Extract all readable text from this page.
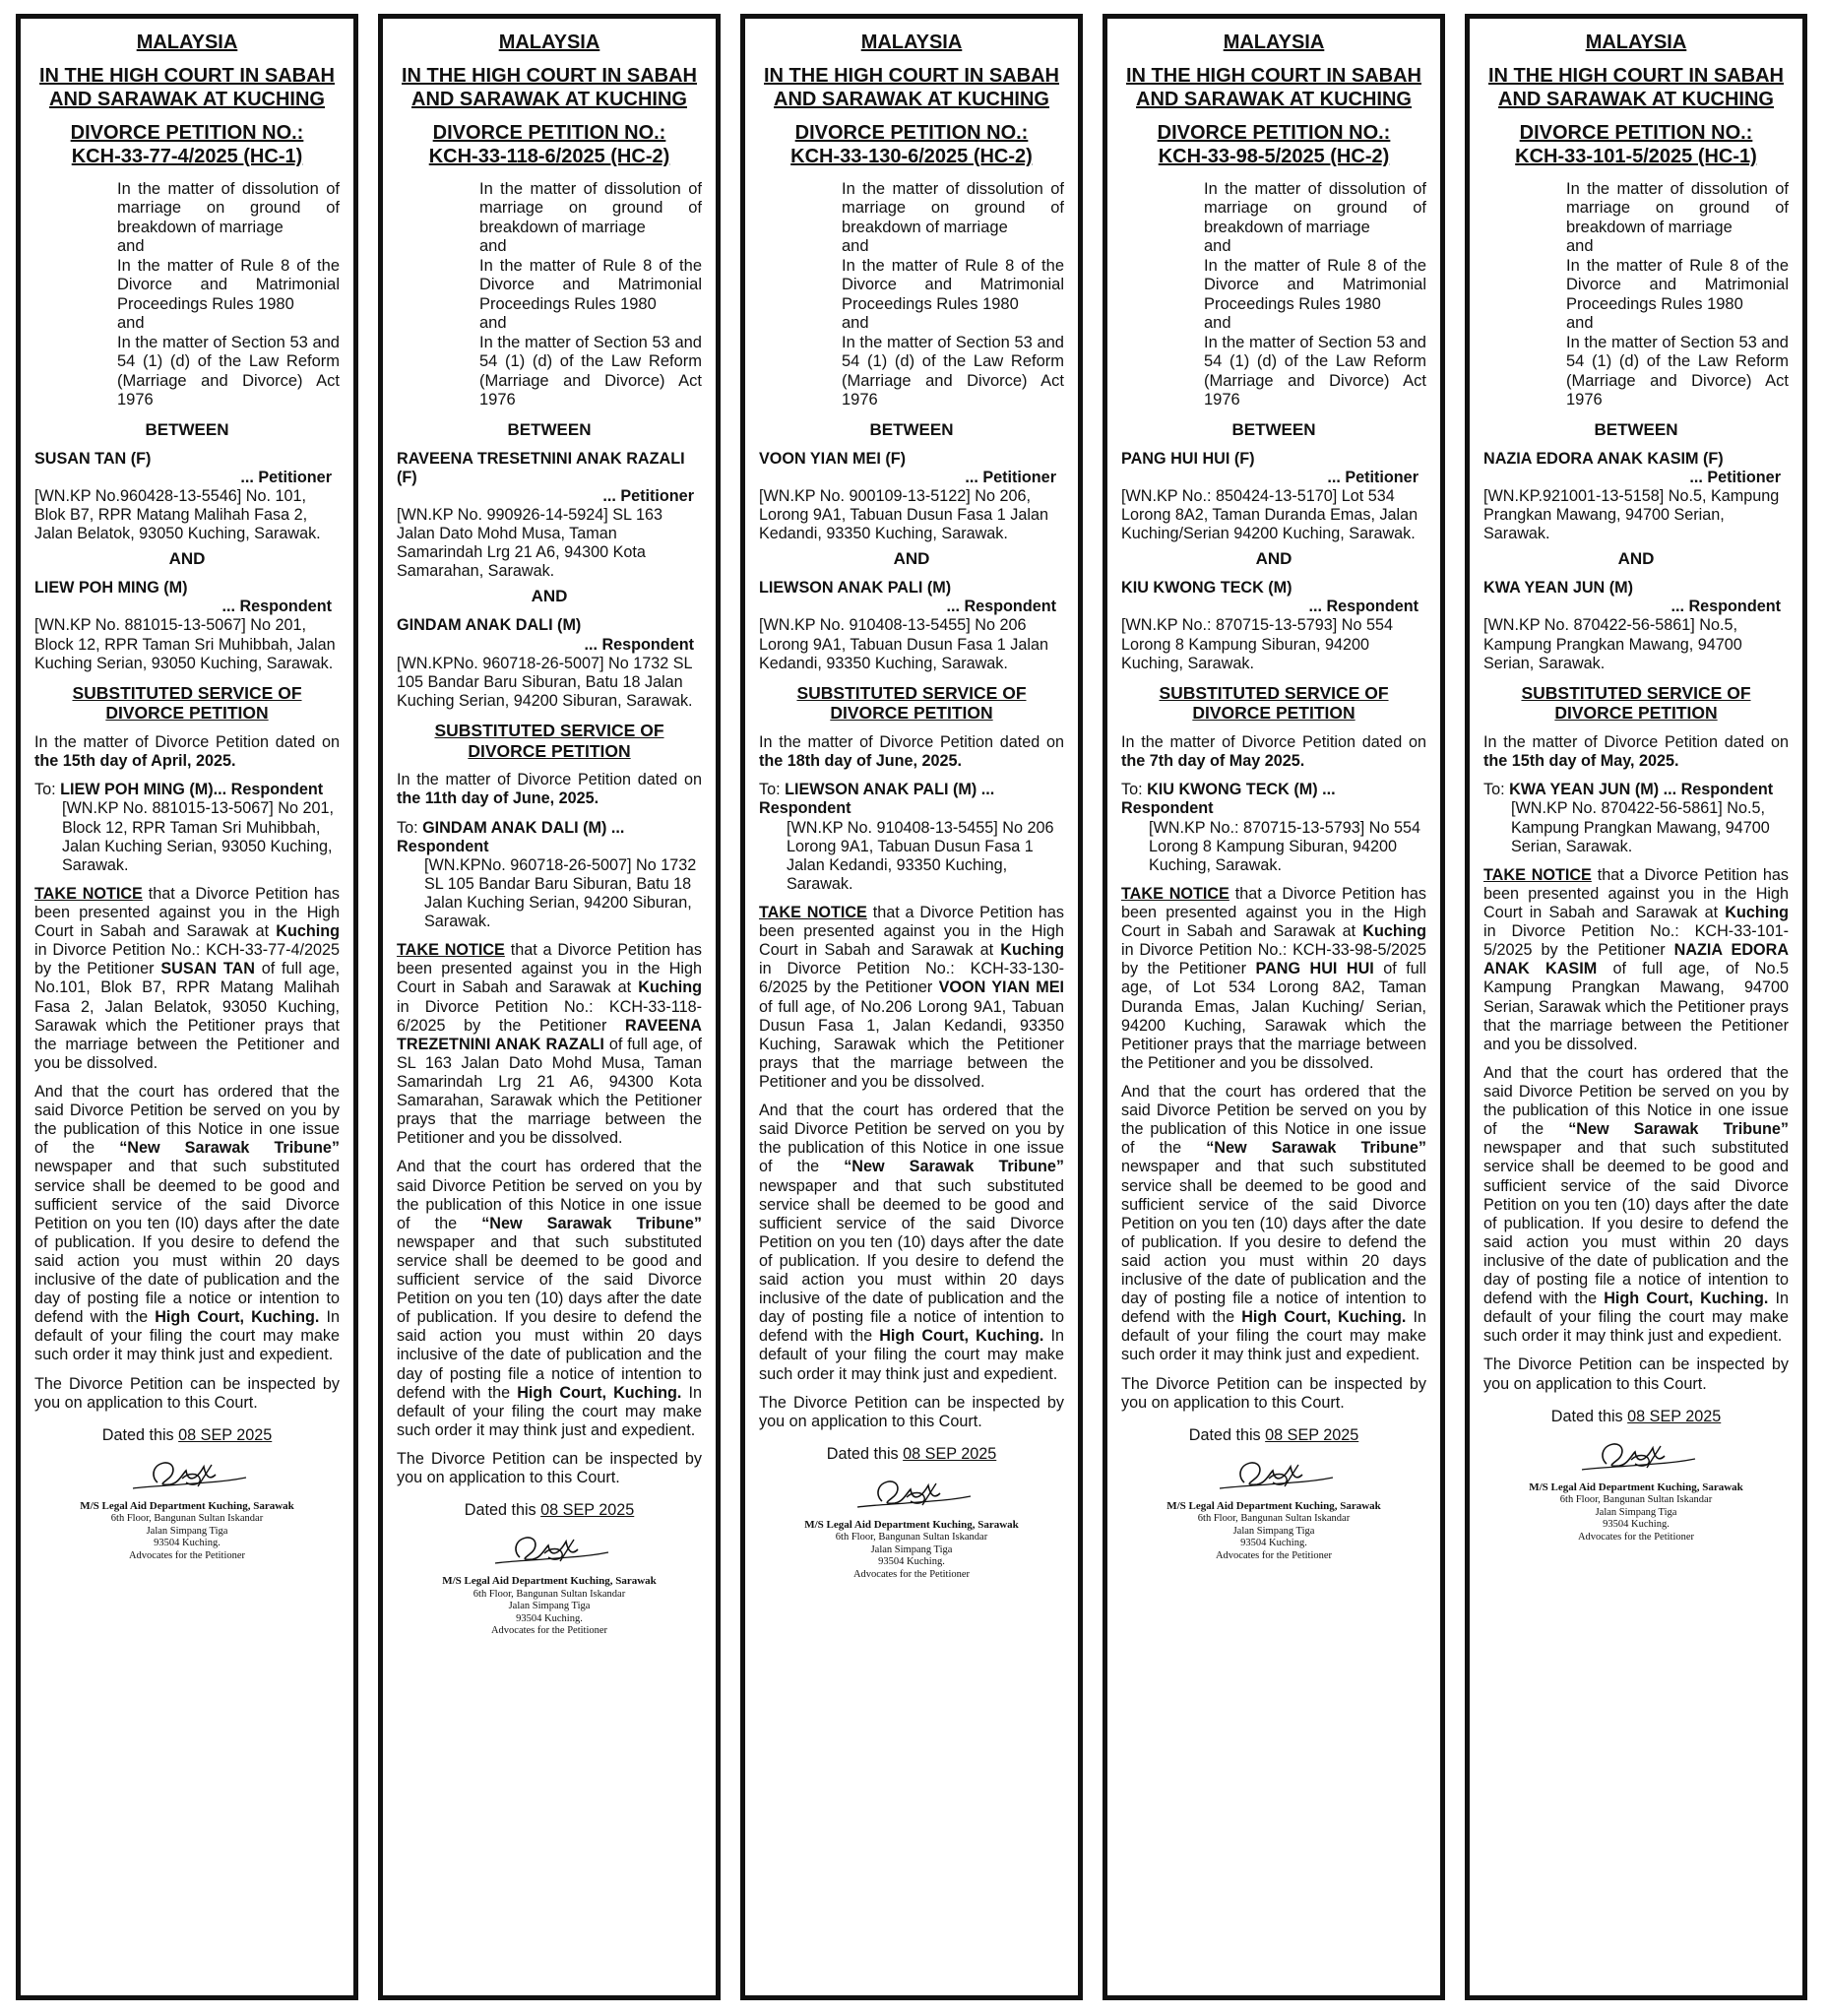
MALAYSIA
IN THE HIGH COURT IN SABAH AND SARAWAK AT KUCHING
DIVORCE PETITION NO.:
KCH-33-77-4/2025 (HC-1)
In the matter of dissolution of marriage on ground of breakdown of marriage
and
In the matter of Rule 8 of the Divorce and Matrimonial Proceedings Rules 1980
and
In the matter of Section 53 and 54 (1) (d) of the Law Reform (Marriage and Divorce) Act 1976
BETWEEN
SUSAN TAN (F)
... Petitioner
[WN.KP No.960428-13-5546] No. 101, Blok B7, RPR Matang Malihah Fasa 2, Jalan Belatok, 93050 Kuching, Sarawak.
AND
LIEW POH MING (M)
... Respondent
[WN.KP No. 881015-13-5067] No 201, Block 12, RPR Taman Sri Muhibbah, Jalan Kuching Serian, 93050 Kuching, Sarawak.
SUBSTITUTED SERVICE OF DIVORCE PETITION
In the matter of Divorce Petition dated on the 15th day of April, 2025.
To: LIEW POH MING (M)... Respondent
[WN.KP No. 881015-13-5067] No 201, Block 12, RPR Taman Sri Muhibbah, Jalan Kuching Serian, 93050 Kuching, Sarawak.
TAKE NOTICE that a Divorce Petition has been presented against you in the High Court in Sabah and Sarawak at Kuching in Divorce Petition No.: KCH-33-77-4/2025 by the Petitioner SUSAN TAN of full age, No.101, Blok B7, RPR Matang Malihah Fasa 2, Jalan Belatok, 93050 Kuching, Sarawak which the Petitioner prays that the marriage between the Petitioner and you be dissolved.
And that the court has ordered that the said Divorce Petition be served on you by the publication of this Notice in one issue of the “New Sarawak Tribune” newspaper and that such substituted service shall be deemed to be good and sufficient service of the said Divorce Petition on you ten (I0) days after the date of publication. If you desire to defend the said action you must within 20 days inclusive of the date of publication and the day of posting file a notice or intention to defend with the High Court, Kuching. In default of your filing the court may make such order it may think just and expedient.
The Divorce Petition can be inspected by you on application to this Court.
Dated this 08 SEP 2025
M/S Legal Aid Department Kuching, Sarawak
6th Floor, Bangunan Sultan Iskandar
Jalan Simpang Tiga
93504 Kuching.
Advocates for the Petitioner
MALAYSIA
IN THE HIGH COURT IN SABAH AND SARAWAK AT KUCHING
DIVORCE PETITION NO.:
KCH-33-118-6/2025 (HC-2)
In the matter of dissolution of marriage on ground of breakdown of marriage
and
In the matter of Rule 8 of the Divorce and Matrimonial Proceedings Rules 1980
and
In the matter of Section 53 and 54 (1) (d) of the Law Reform (Marriage and Divorce) Act 1976
BETWEEN
RAVEENA TRESETNINI ANAK RAZALI (F)
... Petitioner
[WN.KP No. 990926-14-5924] SL 163 Jalan Dato Mohd Musa, Taman Samarindah Lrg 21 A6, 94300 Kota Samarahan, Sarawak.
AND
GINDAM ANAK DALI (M)
... Respondent
[WN.KPNo. 960718-26-5007] No 1732 SL 105 Bandar Baru Siburan, Batu 18 Jalan Kuching Serian, 94200 Siburan, Sarawak.
SUBSTITUTED SERVICE OF DIVORCE PETITION
In the matter of Divorce Petition dated on the 11th day of June, 2025.
To: GINDAM ANAK DALI (M) ... Respondent
[WN.KPNo. 960718-26-5007] No 1732 SL 105 Bandar Baru Siburan, Batu 18 Jalan Kuching Serian, 94200 Siburan, Sarawak.
TAKE NOTICE that a Divorce Petition has been presented against you in the High Court in Sabah and Sarawak at Kuching in Divorce Petition No.: KCH-33-118-6/2025 by the Petitioner RAVEENA TREZETNINI ANAK RAZALI of full age, of SL 163 Jalan Dato Mohd Musa, Taman Samarindah Lrg 21 A6, 94300 Kota Samarahan, Sarawak which the Petitioner prays that the marriage between the Petitioner and you be dissolved.
And that the court has ordered that the said Divorce Petition be served on you by the publication of this Notice in one issue of the “New Sarawak Tribune” newspaper and that such substituted service shall be deemed to be good and sufficient service of the said Divorce Petition on you ten (10) days after the date of publication. If you desire to defend the said action you must within 20 days inclusive of the date of publication and the day of posting file a notice of intention to defend with the High Court, Kuching. In default of your filing the court may make such order it may think just and expedient.
The Divorce Petition can be inspected by you on application to this Court.
Dated this 08 SEP 2025
M/S Legal Aid Department Kuching, Sarawak
6th Floor, Bangunan Sultan Iskandar
Jalan Simpang Tiga
93504 Kuching.
Advocates for the Petitioner
MALAYSIA
IN THE HIGH COURT IN SABAH AND SARAWAK AT KUCHING
DIVORCE PETITION NO.:
KCH-33-130-6/2025 (HC-2)
In the matter of dissolution of marriage on ground of breakdown of marriage
and
In the matter of Rule 8 of the Divorce and Matrimonial Proceedings Rules 1980
and
In the matter of Section 53 and 54 (1) (d) of the Law Reform (Marriage and Divorce) Act 1976
BETWEEN
VOON YIAN MEI (F)
... Petitioner
[WN.KP No. 900109-13-5122] No 206, Lorong 9A1, Tabuan Dusun Fasa 1 Jalan Kedandi, 93350 Kuching, Sarawak.
AND
LIEWSON ANAK PALI (M)
... Respondent
[WN.KP No. 910408-13-5455] No 206 Lorong 9A1, Tabuan Dusun Fasa 1 Jalan Kedandi, 93350 Kuching, Sarawak.
SUBSTITUTED SERVICE OF DIVORCE PETITION
In the matter of Divorce Petition dated on the 18th day of June, 2025.
To: LIEWSON ANAK PALI (M) ... Respondent
[WN.KP No. 910408-13-5455] No 206 Lorong 9A1, Tabuan Dusun Fasa 1 Jalan Kedandi, 93350 Kuching, Sarawak.
TAKE NOTICE that a Divorce Petition has been presented against you in the High Court in Sabah and Sarawak at Kuching in Divorce Petition No.: KCH-33-130-6/2025 by the Petitioner VOON YIAN MEI of full age, of No.206 Lorong 9A1, Tabuan Dusun Fasa 1, Jalan Kedandi, 93350 Kuching, Sarawak which the Petitioner prays that the marriage between the Petitioner and you be dissolved.
And that the court has ordered that the said Divorce Petition be served on you by the publication of this Notice in one issue of the “New Sarawak Tribune” newspaper and that such substituted service shall be deemed to be good and sufficient service of the said Divorce Petition on you ten (10) days after the date of publication. If you desire to defend the said action you must within 20 days inclusive of the date of publication and the day of posting file a notice of intention to defend with the High Court, Kuching. In default of your filing the court may make such order it may think just and expedient.
The Divorce Petition can be inspected by you on application to this Court.
Dated this 08 SEP 2025
M/S Legal Aid Department Kuching, Sarawak
6th Floor, Bangunan Sultan Iskandar
Jalan Simpang Tiga
93504 Kuching.
Advocates for the Petitioner
MALAYSIA
IN THE HIGH COURT IN SABAH AND SARAWAK AT KUCHING
DIVORCE PETITION NO.:
KCH-33-98-5/2025 (HC-2)
In the matter of dissolution of marriage on ground of breakdown of marriage
and
In the matter of Rule 8 of the Divorce and Matrimonial Proceedings Rules 1980
and
In the matter of Section 53 and 54 (1) (d) of the Law Reform (Marriage and Divorce) Act 1976
BETWEEN
PANG HUI HUI (F)
... Petitioner
[WN.KP No.: 850424-13-5170] Lot 534 Lorong 8A2, Taman Duranda Emas, Jalan Kuching/Serian 94200 Kuching, Sarawak.
AND
KIU KWONG TECK (M)
... Respondent
[WN.KP No.: 870715-13-5793] No 554 Lorong 8 Kampung Siburan, 94200 Kuching, Sarawak.
SUBSTITUTED SERVICE OF DIVORCE PETITION
In the matter of Divorce Petition dated on the 7th day of May 2025.
To: KIU KWONG TECK (M) ... Respondent
[WN.KP No.: 870715-13-5793] No 554 Lorong 8 Kampung Siburan, 94200 Kuching, Sarawak.
TAKE NOTICE that a Divorce Petition has been presented against you in the High Court in Sabah and Sarawak at Kuching in Divorce Petition No.: KCH-33-98-5/2025 by the Petitioner PANG HUI HUI of full age, of Lot 534 Lorong 8A2, Taman Duranda Emas, Jalan Kuching/ Serian, 94200 Kuching, Sarawak which the Petitioner prays that the marriage between the Petitioner and you be dissolved.
And that the court has ordered that the said Divorce Petition be served on you by the publication of this Notice in one issue of the “New Sarawak Tribune” newspaper and that such substituted service shall be deemed to be good and sufficient service of the said Divorce Petition on you ten (10) days after the date of publication. If you desire to defend the said action you must within 20 days inclusive of the date of publication and the day of posting file a notice of intention to defend with the High Court, Kuching. In default of your filing the court may make such order it may think just and expedient.
The Divorce Petition can be inspected by you on application to this Court.
Dated this 08 SEP 2025
M/S Legal Aid Department Kuching, Sarawak
6th Floor, Bangunan Sultan Iskandar
Jalan Simpang Tiga
93504 Kuching.
Advocates for the Petitioner
MALAYSIA
IN THE HIGH COURT IN SABAH AND SARAWAK AT KUCHING
DIVORCE PETITION NO.:
KCH-33-101-5/2025 (HC-1)
In the matter of dissolution of marriage on ground of breakdown of marriage
and
In the matter of Rule 8 of the Divorce and Matrimonial Proceedings Rules 1980
and
In the matter of Section 53 and 54 (1) (d) of the Law Reform (Marriage and Divorce) Act 1976
BETWEEN
NAZIA EDORA ANAK KASIM (F)
... Petitioner
[WN.KP.921001-13-5158] No.5, Kampung Prangkan Mawang, 94700 Serian, Sarawak.
AND
KWA YEAN JUN (M)
... Respondent
[WN.KP No. 870422-56-5861] No.5, Kampung Prangkan Mawang, 94700 Serian, Sarawak.
SUBSTITUTED SERVICE OF DIVORCE PETITION
In the matter of Divorce Petition dated on the 15th day of May, 2025.
To: KWA YEAN JUN (M) ... Respondent
[WN.KP No. 870422-56-5861] No.5, Kampung Prangkan Mawang, 94700 Serian, Sarawak.
TAKE NOTICE that a Divorce Petition has been presented against you in the High Court in Sabah and Sarawak at Kuching in Divorce Petition No.: KCH-33-101-5/2025 by the Petitioner NAZIA EDORA ANAK KASIM of full age, of No.5 Kampung Prangkan Mawang, 94700 Serian, Sarawak which the Petitioner prays that the marriage between the Petitioner and you be dissolved.
And that the court has ordered that the said Divorce Petition be served on you by the publication of this Notice in one issue of the “New Sarawak Tribune” newspaper and that such substituted service shall be deemed to be good and sufficient service of the said Divorce Petition on you ten (10) days after the date of publication. If you desire to defend the said action you must within 20 days inclusive of the date of publication and the day of posting file a notice of intention to defend with the High Court, Kuching. In default of your filing the court may make such order it may think just and expedient.
The Divorce Petition can be inspected by you on application to this Court.
Dated this 08 SEP 2025
M/S Legal Aid Department Kuching, Sarawak
6th Floor, Bangunan Sultan Iskandar
Jalan Simpang Tiga
93504 Kuching.
Advocates for the Petitioner
